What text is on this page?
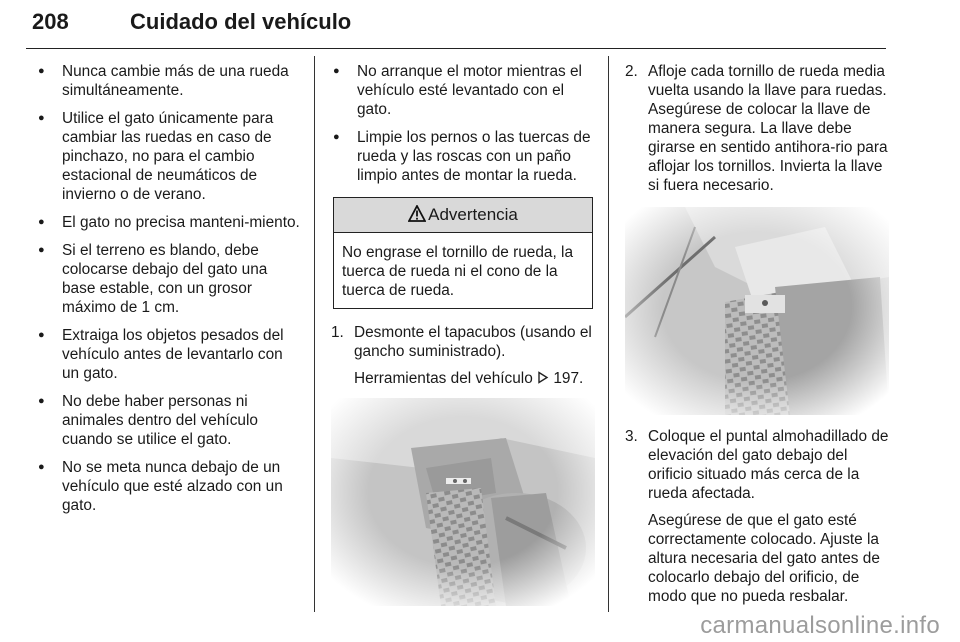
208	Cuidado del vehículo
● Nunca cambie más de una rueda simultáneamente.
● Utilice el gato únicamente para cambiar las ruedas en caso de pinchazo, no para el cambio estacional de neumáticos de invierno o de verano.
● El gato no precisa manteni-miento.
● Si el terreno es blando, debe colocarse debajo del gato una base estable, con un grosor máximo de 1 cm.
● Extraiga los objetos pesados del vehículo antes de levantarlo con un gato.
● No debe haber personas ni animales dentro del vehículo cuando se utilice el gato.
● No se meta nunca debajo de un vehículo que esté alzado con un gato.
● No arranque el motor mientras el vehículo esté levantado con el gato.
● Limpie los pernos o las tuercas de rueda y las roscas con un paño limpio antes de montar la rueda.
Advertencia
No engrase el tornillo de rueda, la tuerca de rueda ni el cono de la tuerca de rueda.
1. Desmonte el tapacubos (usando el gancho suministrado).
Herramientas del vehículo 197.
2. Afloje cada tornillo de rueda media vuelta usando la llave para ruedas. Asegúrese de colocar la llave de manera segura. La llave debe girarse en sentido antihora-rio para aflojar los tornillos. Invierta la llave si fuera necesario.
3. Coloque el puntal almohadillado de elevación del gato debajo del orificio situado más cerca de la rueda afectada.
Asegúrese de que el gato esté correctamente colocado. Ajuste la altura necesaria del gato antes de colocarlo debajo del orificio, de modo que no pueda resbalar.
carmanualsonline.info
